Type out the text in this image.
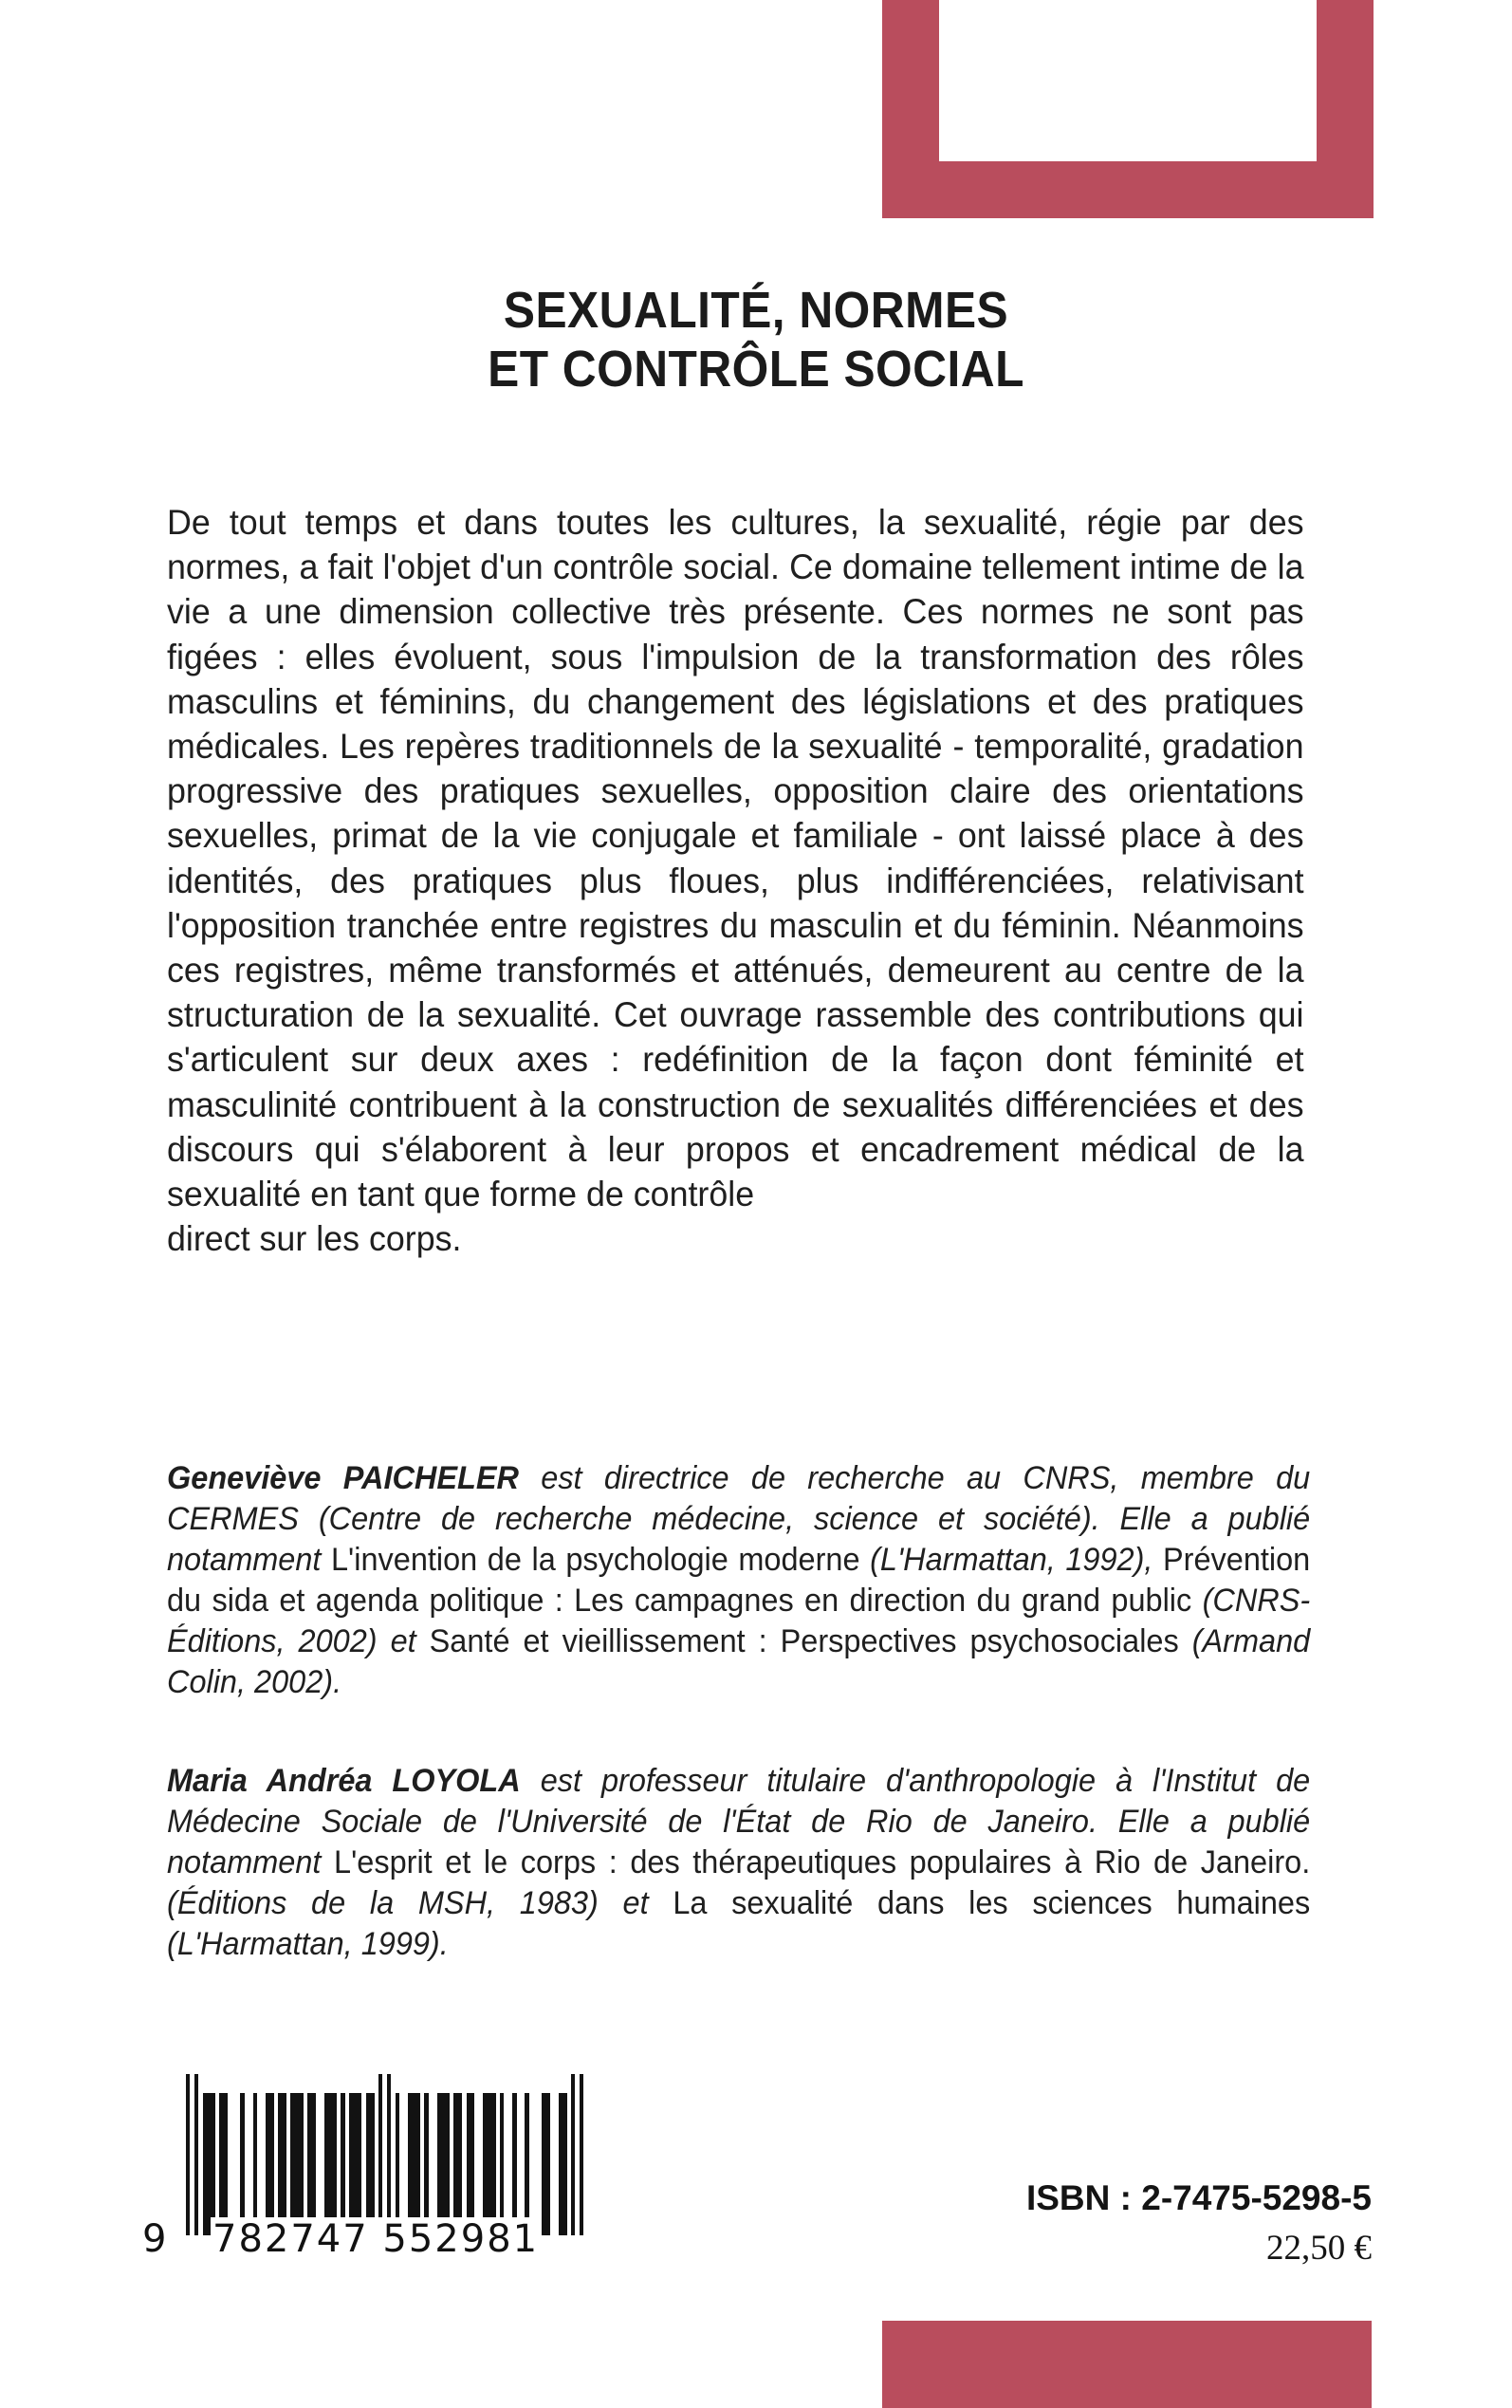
SEXUALITÉ, NORMES
ET CONTRÔLE SOCIAL
De tout temps et dans toutes les cultures, la sexualité, régie par des normes, a fait l'objet d'un contrôle social. Ce domaine tellement intime de la vie a une dimension collective très présente. Ces normes ne sont pas figées : elles évoluent, sous l'impulsion de la transformation des rôles masculins et féminins, du changement des législations et des pratiques médicales. Les repères traditionnels de la sexualité - temporalité, gradation progressive des pratiques sexuelles, opposition claire des orientations sexuelles, primat de la vie conjugale et familiale - ont laissé place à des identités, des pratiques plus floues, plus indifférenciées, relativisant l'opposition tranchée entre registres du masculin et du féminin. Néanmoins ces registres, même transformés et atténués, demeurent au centre de la structuration de la sexualité. Cet ouvrage rassemble des contributions qui s'articulent sur deux axes : redéfinition de la façon dont féminité et masculinité contribuent à la construction de sexualités différenciées et des discours qui s'élaborent à leur propos et encadrement médical de la sexualité en tant que forme de contrôle
direct sur les corps.
Geneviève PAICHELER est directrice de recherche au CNRS, membre du CERMES (Centre de recherche médecine, science et société). Elle a publié notamment L'invention de la psychologie moderne (L'Harmattan, 1992), Prévention du sida et agenda politique : Les campagnes en direction du grand public (CNRS-Éditions, 2002) et Santé et vieillissement : Perspectives psychosociales (Armand Colin, 2002).
Maria Andréa LOYOLA est professeur titulaire d'anthropologie à l'Institut de Médecine Sociale de l'Université de l'État de Rio de Janeiro. Elle a publié notamment L'esprit et le corps : des thérapeutiques populaires à Rio de Janeiro. (Éditions de la MSH, 1983) et La sexualité dans les sciences humaines (L'Harmattan, 1999).
9 782747 552981
ISBN : 2-7475-5298-5
22,50 €
